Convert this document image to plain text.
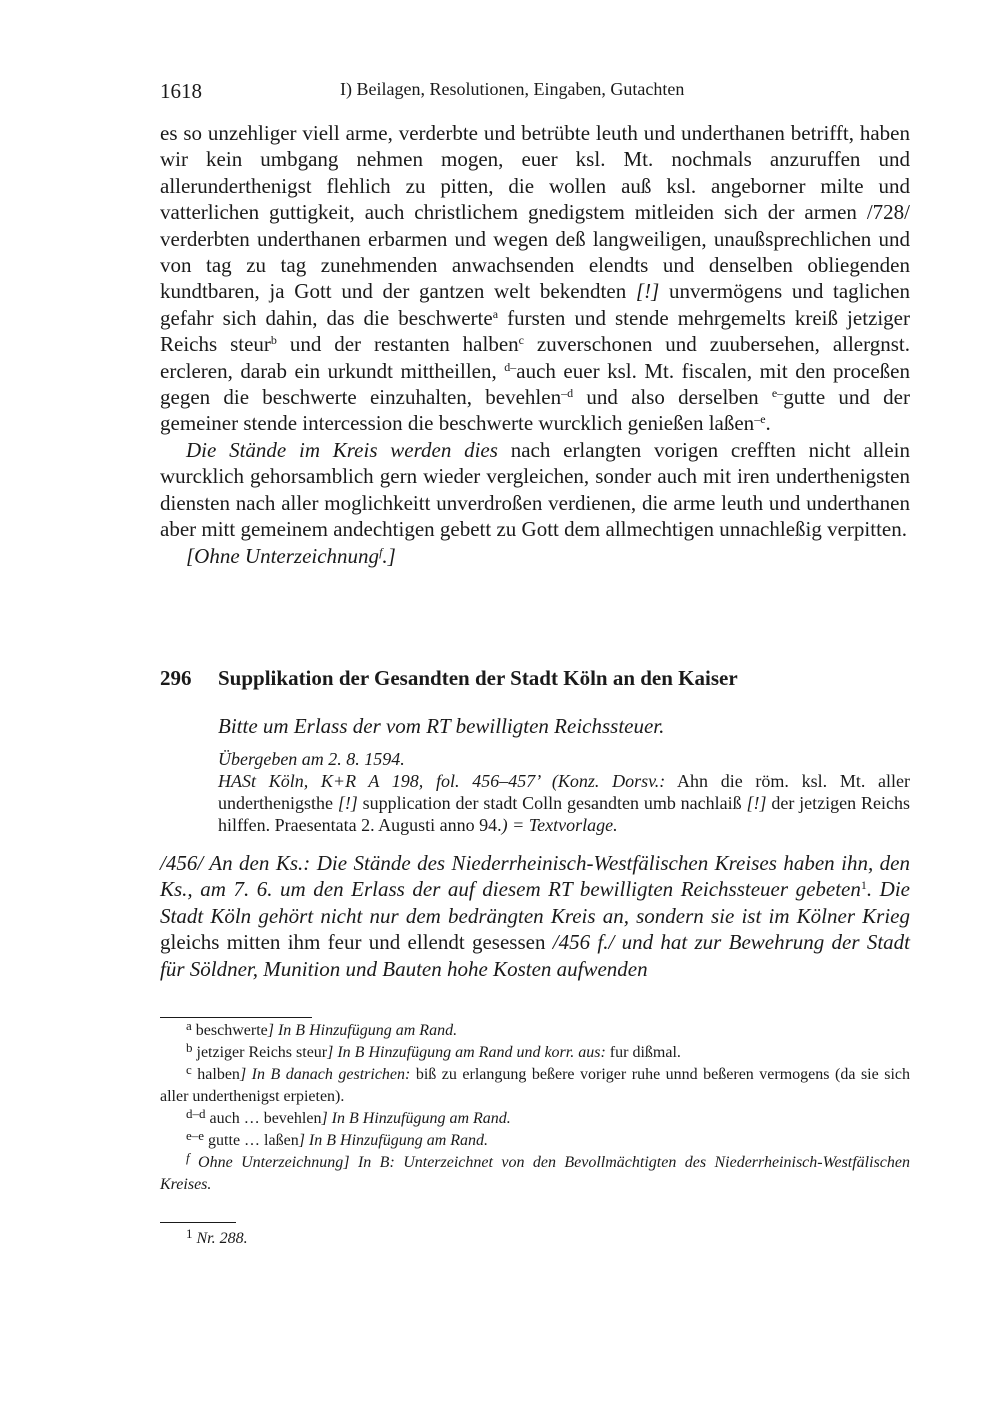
1618	I) Beilagen, Resolutionen, Eingaben, Gutachten

es so unzehliger viell arme, verderbte und betrübte leuth und underthanen betrifft, haben wir kein umbgang nehmen mogen, euer ksl. Mt. nochmals anzuruffen und allerunderthenigst flehlich zu pitten, die wollen auß ksl. angeborner milte und vatterlichen guttigkeit, auch christlichem gnedigstem mitleiden sich der armen /728/ verderbten underthanen erbarmen und wegen deß langweiligen, unaußsprechlichen und von tag zu tag zunehmenden anwachsenden elendts und denselben obliegenden kundtbaren, ja Gott und der gantzen welt bekendten [!] unvermögens und taglichen gefahr sich dahin, das die beschwerte$^a$ fursten und stende mehrgemelts kreiß jetziger Reichs steur$^b$ und der restanten halben$^c$ zuverschonen und zuubersehen, allergnst. ercleren, darab ein urkundt mittheillen, $^{d-}$auch euer ksl. Mt. fiscalen, mit den proceßen gegen die beschwerte einzuhalten, bevehlen$^{-d}$ und also derselben $^{e-}$gutte und der gemeiner stende intercession die beschwerte wurcklich genießen laßen$^{-e}$.

Die Stände im Kreis werden dies nach erlangten vorigen crefften nicht allein wurcklich gehorsamblich gern wieder vergleichen, sonder auch mit iren underthenigsten diensten nach aller moglichkeitt unverdroßen verdienen, die arme leuth und underthanen aber mitt gemeinem andechtigen gebett zu Gott dem allmechtigen unnachleßig verpitten.

[Ohne Unterzeichnung$^f$.]

296 Supplikation der Gesandten der Stadt Köln an den Kaiser
Bitte um Erlass der vom RT bewilligten Reichssteuer.

Übergeben am 2. 8. 1594.

HASt Köln, K+R A 198, fol. 456–457’ (Konz. Dorsv.: Ahn die röm. ksl. Mt. aller underthenigsthe [!] supplication der stadt Colln gesandten umb nachlaiß [!] der jetzigen Reichs hilffen. Praesentata 2. Augusti anno 94.) = Textvorlage.

/456/ An den Ks.: Die Stände des Niederrheinisch-Westfälischen Kreises haben ihn, den Ks., am 7. 6. um den Erlass der auf diesem RT bewilligten Reichssteuer gebeten$^1$. Die Stadt Köln gehört nicht nur dem bedrängten Kreis an, sondern sie ist im Kölner Krieg gleichs mitten ihm feur und ellendt gesessen /456 f./ und hat zur Bewehrung der Stadt für Söldner, Munition und Bauten hohe Kosten aufwenden

$^a$ beschwerte] In B Hinzufügung am Rand.

$^b$ jetziger Reichs steur] In B Hinzufügung am Rand und korr. aus: fur dißmal.

$^c$ halben] In B danach gestrichen: biß zu erlangung beßere voriger ruhe unnd beßeren vermogens (da sie sich aller underthenigst erpieten).

$^{d-d}$ auch … bevehlen] In B Hinzufügung am Rand.

$^{e-e}$ gutte … laßen] In B Hinzufügung am Rand.

$^f$ Ohne Unterzeichnung] In B: Unterzeichnet von den Bevollmächtigten des Niederrheinisch-Westfälischen Kreises.

$^1$ Nr. 288.
